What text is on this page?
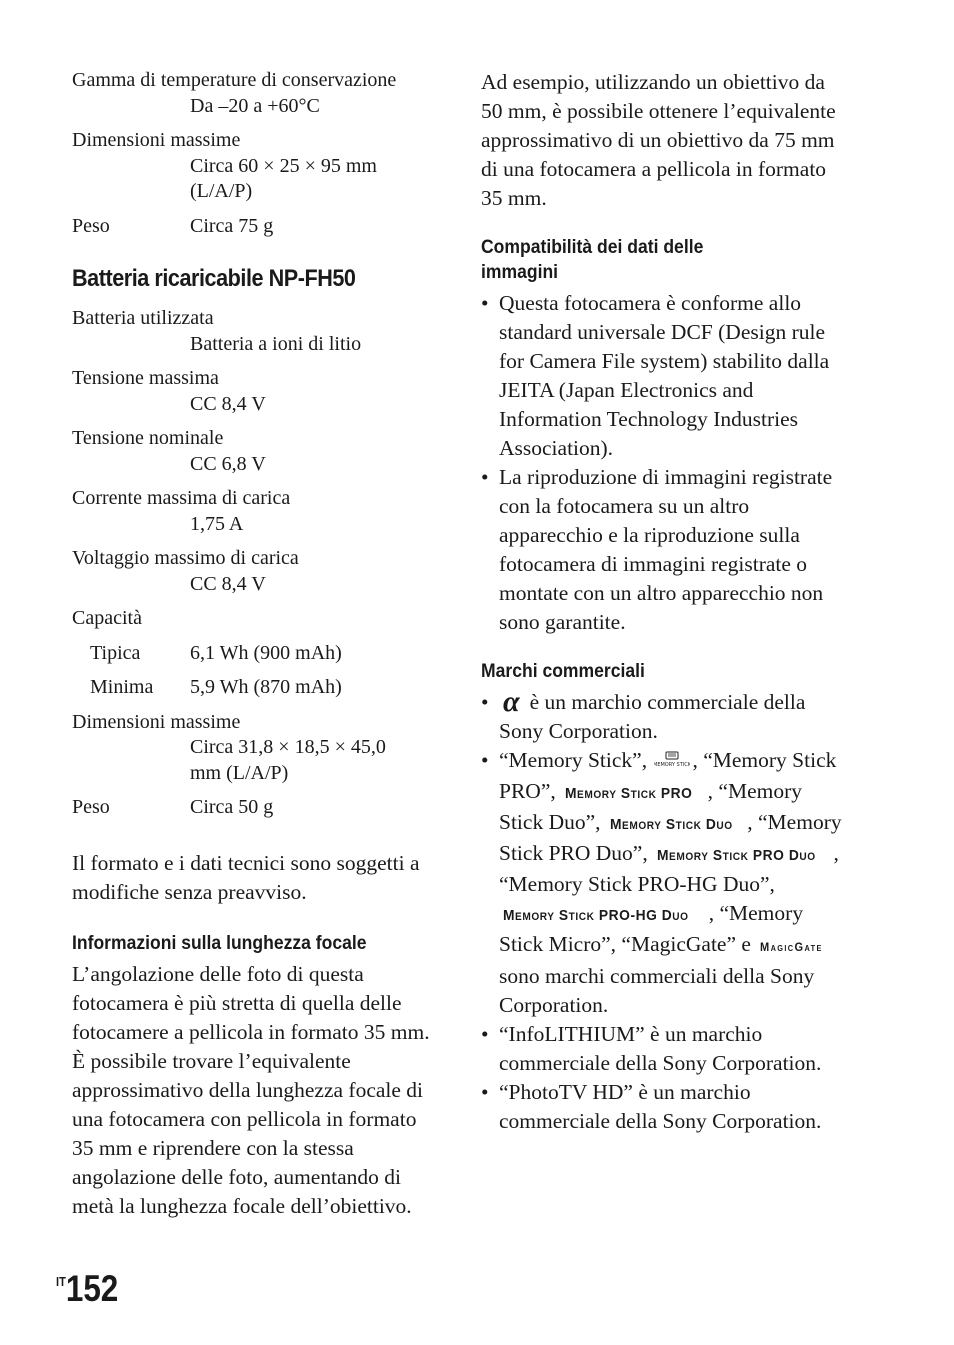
Gamma di temperature di conservazione
Da –20 a +60°C
Dimensioni massime
Circa 60 × 25 × 95 mm (L/A/P)
Peso	Circa 75 g
Batteria ricaricabile NP-FH50
Batteria utilizzata
Batteria a ioni di litio
Tensione massima
CC 8,4 V
Tensione nominale
CC 6,8 V
Corrente massima di carica
1,75 A
Voltaggio massimo di carica
CC 8,4 V
Capacità
Tipica	6,1 Wh (900 mAh)
Minima	5,9 Wh (870 mAh)
Dimensioni massime
Circa 31,8 × 18,5 × 45,0 mm (L/A/P)
Peso	Circa 50 g

Il formato e i dati tecnici sono soggetti a modifiche senza preavviso.

Informazioni sulla lunghezza focale

L’angolazione delle foto di questa fotocamera è più stretta di quella delle fotocamere a pellicola in formato 35 mm. È possibile trovare l’equivalente approssimativo della lunghezza focale di una fotocamera con pellicola in formato 35 mm e riprendere con la stessa angolazione delle foto, aumentando di metà la lunghezza focale dell’obiettivo.

Ad esempio, utilizzando un obiettivo da 50 mm, è possibile ottenere l’equivalente approssimativo di un obiettivo da 75 mm di una fotocamera a pellicola in formato 35 mm.

Compatibilità dei dati delle immagini
• Questa fotocamera è conforme allo standard universale DCF (Design rule for Camera File system) stabilito dalla JEITA (Japan Electronics and Information Technology Industries Association).
• La riproduzione di immagini registrate con la fotocamera su un altro apparecchio e la riproduzione sulla fotocamera di immagini registrate o montate con un altro apparecchio non sono garantite.
Marchi commerciali
• α è un marchio commerciale della Sony Corporation.
• “Memory Stick”, MEMORY STICK , “Memory Stick PRO”, Memory Stick PRO , “Memory Stick Duo”, Memory Stick Duo , “Memory Stick PRO Duo”, Memory Stick PRO Duo , “Memory Stick PRO-HG Duo”, Memory Stick PRO-HG Duo , “Memory Stick Micro”, “MagicGate” e MagicGate sono marchi commerciali della Sony Corporation.
• “InfoLITHIUM” è un marchio commerciale della Sony Corporation.
• “PhotoTV HD” è un marchio commerciale della Sony Corporation.
$^{IT}$152
